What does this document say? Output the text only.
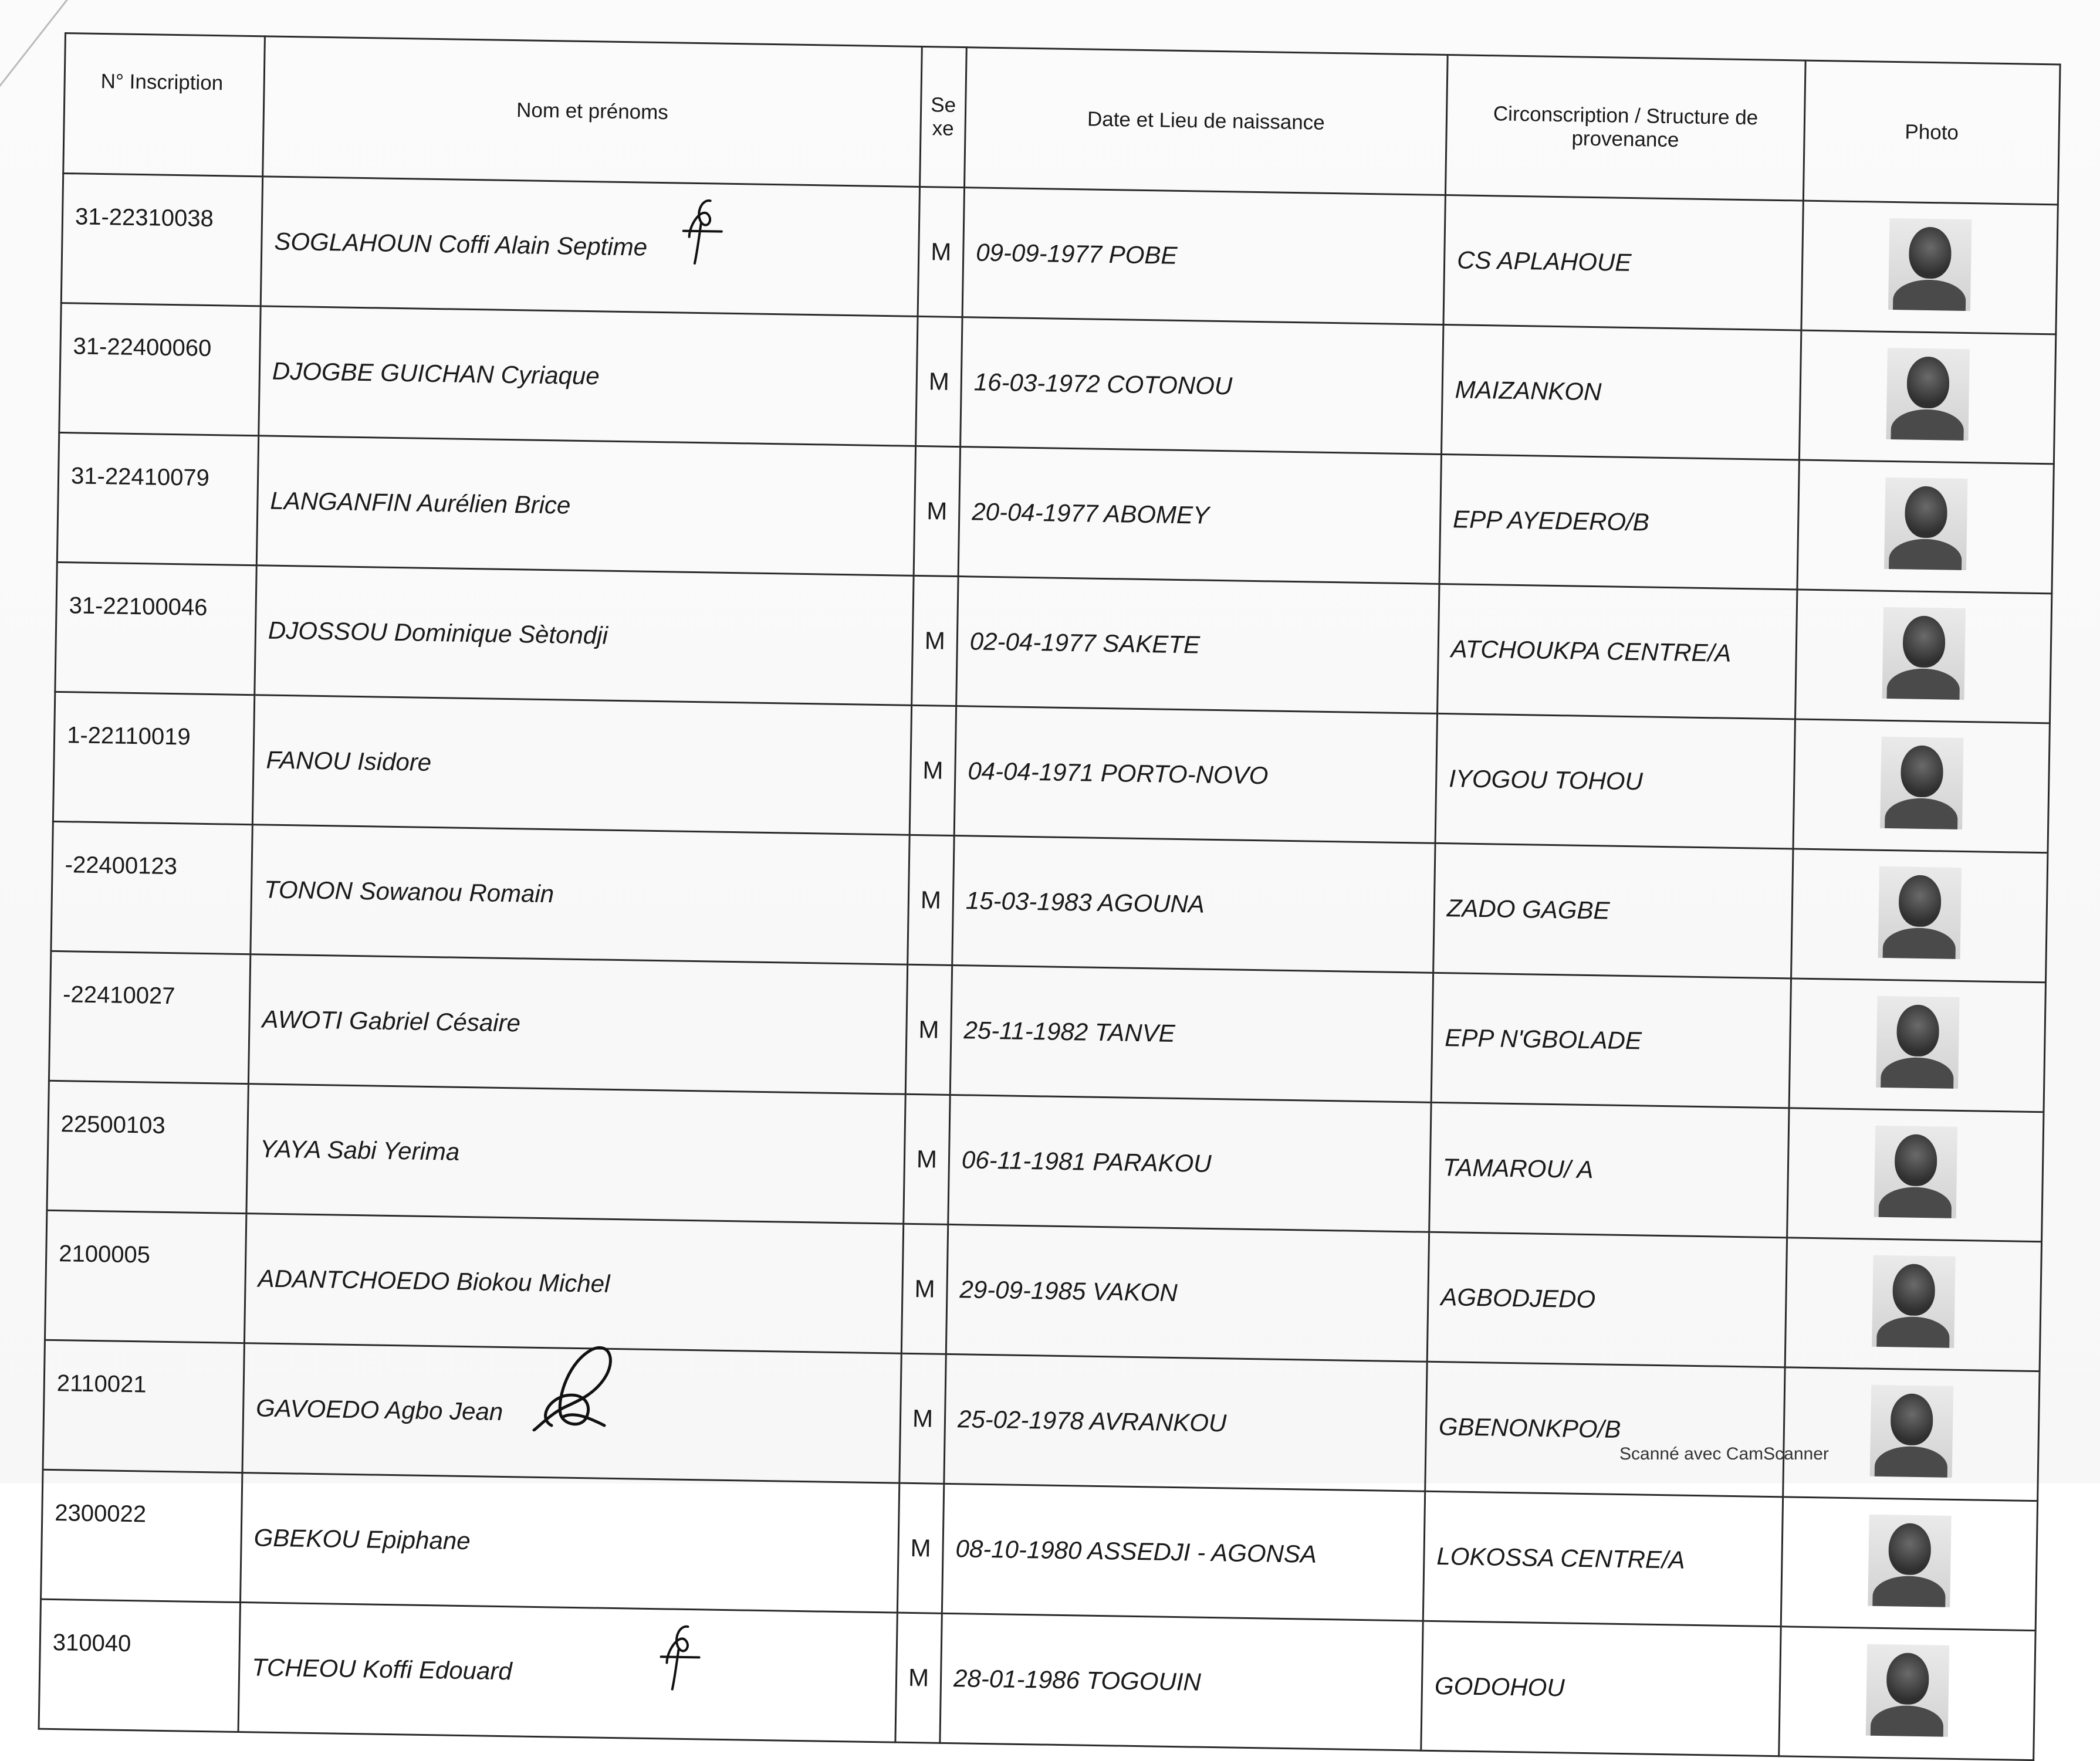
N° Inscription	Nom et prénoms	Se xe	Date et Lieu de naissance	Circonscription / Structure de provenance	Photo
31-22310038	SOGLAHOUN Coffi Alain Septime	M	09-09-1977 POBE	CS APLAHOUE	

31-22400060	DJOGBE GUICHAN Cyriaque	M	16-03-1972 COTONOU	MAIZANKON	

31-22410079	LANGANFIN Aurélien Brice	M	20-04-1977 ABOMEY	EPP AYEDERO/B	

31-22100046	DJOSSOU Dominique Sètondji	M	02-04-1977 SAKETE	ATCHOUKPA CENTRE/A	

1-22110019	FANOU Isidore	M	04-04-1971 PORTO-NOVO	IYOGOU TOHOU	

-22400123	TONON Sowanou Romain	M	15-03-1983 AGOUNA	ZADO GAGBE	

-22410027	AWOTI Gabriel Césaire	M	25-11-1982 TANVE	EPP N'GBOLADE	

22500103	YAYA Sabi Yerima	M	06-11-1981 PARAKOU	TAMAROU/ A	

2100005	ADANTCHOEDO Biokou Michel	M	29-09-1985 VAKON	AGBODJEDO	

2110021	GAVOEDO Agbo Jean	M	25-02-1978 AVRANKOU	GBENONKPO/B	

2300022	GBEKOU Epiphane	M	08-10-1980 ASSEDJI - AGONSA	LOKOSSA CENTRE/A	

310040	TCHEOU Koffi Edouard	M	28-01-1986 TOGOUIN	GODOHOU	
Scanné avec CamScanner
